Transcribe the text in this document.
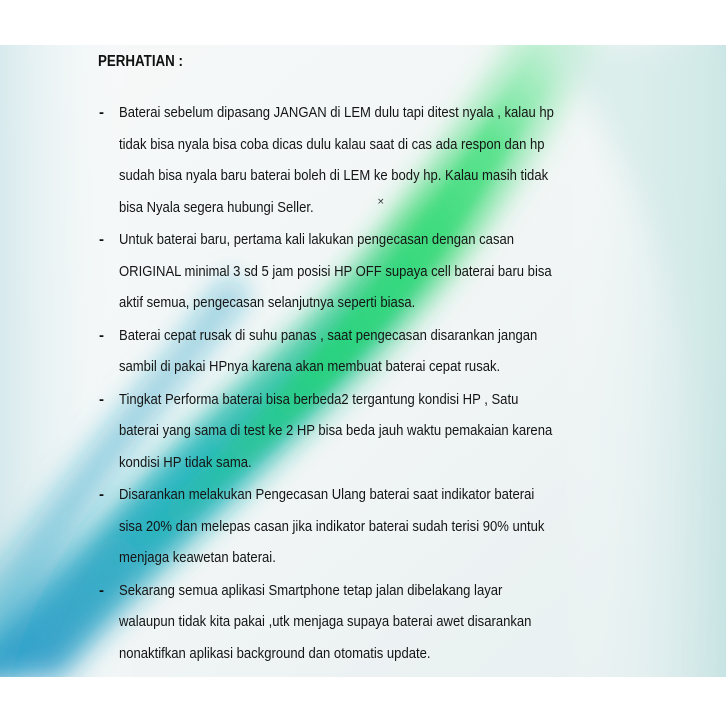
PERHATIAN :
×
- Baterai sebelum dipasang JANGAN di LEM dulu tapi ditest nyala , kalau hp
tidak bisa nyala bisa coba dicas dulu kalau saat di cas ada respon dan hp
sudah bisa nyala baru baterai boleh di LEM ke body hp. Kalau masih tidak
bisa Nyala segera hubungi Seller.
- Untuk baterai baru, pertama kali lakukan pengecasan dengan casan
ORIGINAL minimal 3 sd 5 jam posisi HP OFF supaya cell baterai baru bisa
aktif semua, pengecasan selanjutnya seperti biasa.
- Baterai cepat rusak di suhu panas , saat pengecasan disarankan jangan
sambil di pakai HPnya karena akan membuat baterai cepat rusak.
- Tingkat Performa baterai bisa berbeda2 tergantung kondisi HP , Satu
baterai yang sama di test ke 2 HP bisa beda jauh waktu pemakaian karena
kondisi HP tidak sama.
- Disarankan melakukan Pengecasan Ulang baterai saat indikator baterai
sisa 20% dan melepas casan jika indikator baterai sudah terisi 90% untuk
menjaga keawetan baterai.
- Sekarang semua aplikasi Smartphone tetap jalan dibelakang layar
walaupun tidak kita pakai ,utk menjaga supaya baterai awet disarankan
nonaktifkan aplikasi background dan otomatis update.
